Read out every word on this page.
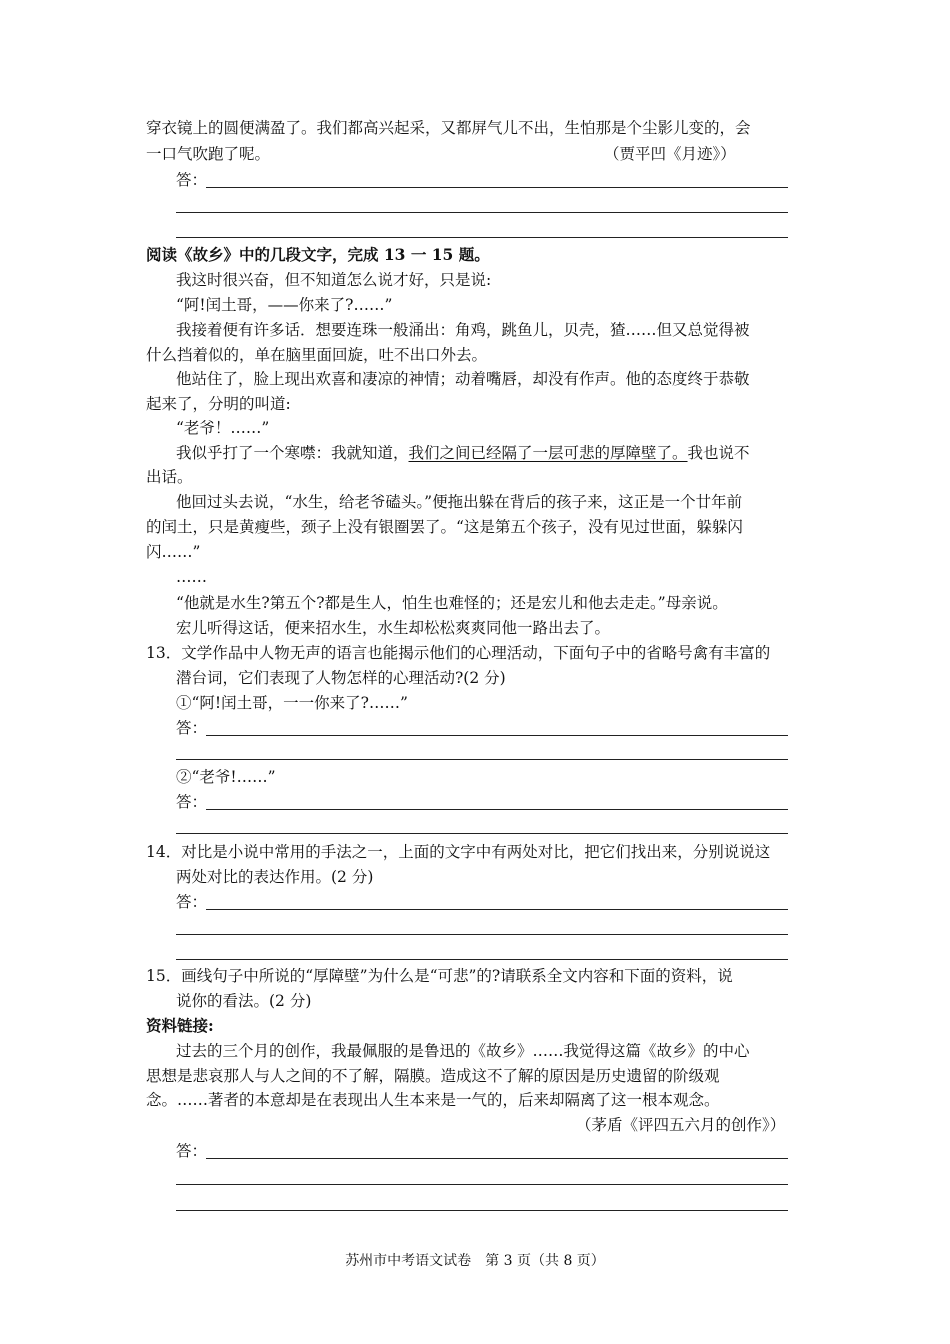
穿衣镜上的圆便满盈了。我们都高兴起采，又都屏气儿不出，生怕那是个尘影儿变的，会
一口气吹跑了呢。	（贾平凹《月迹》）
答：
阅读《故乡》中的几段文字，完成 13 一 15 题。
我这时很兴奋，但不知道怎么说才好，只是说:
“阿!闰土哥，——你来了?……”
我接着便有许多话．想要连珠一般涌出：角鸡，跳鱼儿，贝壳，猹……但又总觉得被
什么挡着似的，单在脑里面回旋，吐不出口外去。
他站住了，脸上现出欢喜和凄凉的神情；动着嘴唇，却没有作声。他的态度终于恭敬
起来了，分明的叫道:
“老爷！……”
我似乎打了一个寒噤：我就知道，我们之间已经隔了一层可悲的厚障壁了。我也说不
出话。
他回过头去说，“水生，给老爷磕头。”便拖出躲在背后的孩子来，这正是一个廿年前
的闰土，只是黄瘦些，颈子上没有银圈罢了。“这是第五个孩子，没有见过世面，躲躲闪
闪……”
……
“他就是水生?第五个?都是生人，怕生也难怪的；还是宏儿和他去走走。”母亲说。
宏儿听得这话，便来招水生，水生却松松爽爽同他一路出去了。
13．文学作品中人物无声的语言也能揭示他们的心理活动，下面句子中的省略号禽有丰富的
潜台词，它们表现了人物怎样的心理活动?(2 分)
①“阿!闰土哥，一一你来了?……”
答：
②“老爷!……”
答：
14．对比是小说中常用的手法之一，上面的文字中有两处对比，把它们找出来，分别说说这
两处对比的表达作用。(2 分)
答：
15．画线句子中所说的“厚障壁”为什么是“可悲”的?请联系全文内容和下面的资料，说
说你的看法。(2 分)
资料链接:
过去的三个月的创作，我最佩服的是鲁迅的《故乡》……我觉得这篇《故乡》的中心
思想是悲哀那人与人之间的不了解，隔膜。造成这不了解的原因是历史遗留的阶级观
念。……著者的本意却是在表现出人生本来是一气的，后来却隔离了这一根本观念。
（茅盾《评四五六月的创作》）
答：
苏州市中考语文试卷　第 3 页（共 8 页）
